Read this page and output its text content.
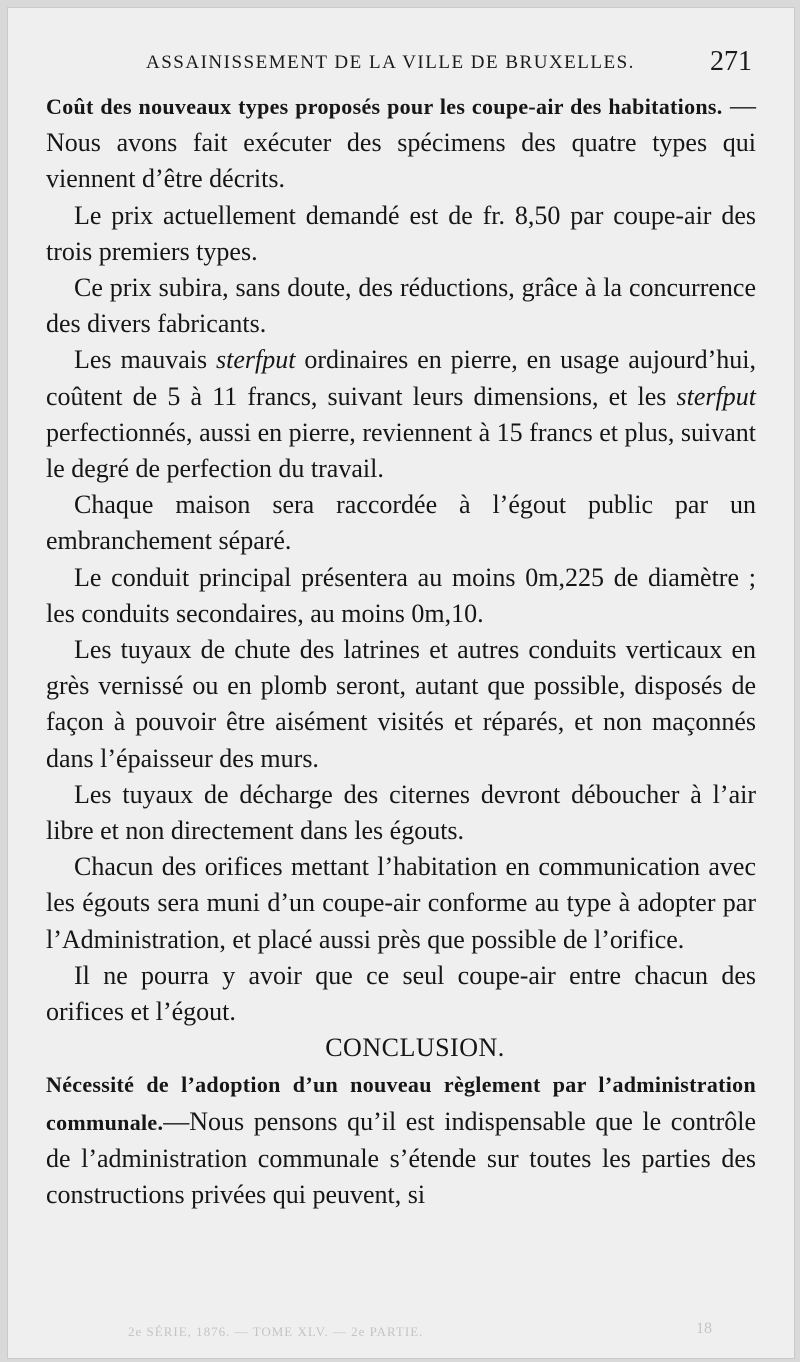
ASSAINISSEMENT DE LA VILLE DE BRUXELLES.	271

Coût des nouveaux types proposés pour les coupe-air des habitations. — Nous avons fait exécuter des spécimens des quatre types qui viennent d’être décrits.

Le prix actuellement demandé est de fr. 8,50 par coupe-air des trois premiers types.

Ce prix subira, sans doute, des réductions, grâce à la concurrence des divers fabricants.

Les mauvais sterfput ordinaires en pierre, en usage aujourd’hui, coûtent de 5 à 11 francs, suivant leurs dimensions, et les sterfput perfectionnés, aussi en pierre, reviennent à 15 francs et plus, suivant le degré de perfection du travail.

Chaque maison sera raccordée à l’égout public par un embranchement séparé.

Le conduit principal présentera au moins 0m,225 de diamètre ; les conduits secondaires, au moins 0m,10.

Les tuyaux de chute des latrines et autres conduits verticaux en grès vernissé ou en plomb seront, autant que possible, disposés de façon à pouvoir être aisément visités et réparés, et non maçonnés dans l’épaisseur des murs.

Les tuyaux de décharge des citernes devront déboucher à l’air libre et non directement dans les égouts.

Chacun des orifices mettant l’habitation en communication avec les égouts sera muni d’un coupe-air conforme au type à adopter par l’Administration, et placé aussi près que possible de l’orifice.

Il ne pourra y avoir que ce seul coupe-air entre chacun des orifices et l’égout.

CONCLUSION.

Nécessité de l’adoption d’un nouveau règlement par l’administration communale.—Nous pensons qu’il est indispensable que le contrôle de l’administration communale s’étende sur toutes les parties des constructions privées qui peuvent, si

2e SÉRIE, 1876. — TOME XLV. — 2e PARTIE.	18
